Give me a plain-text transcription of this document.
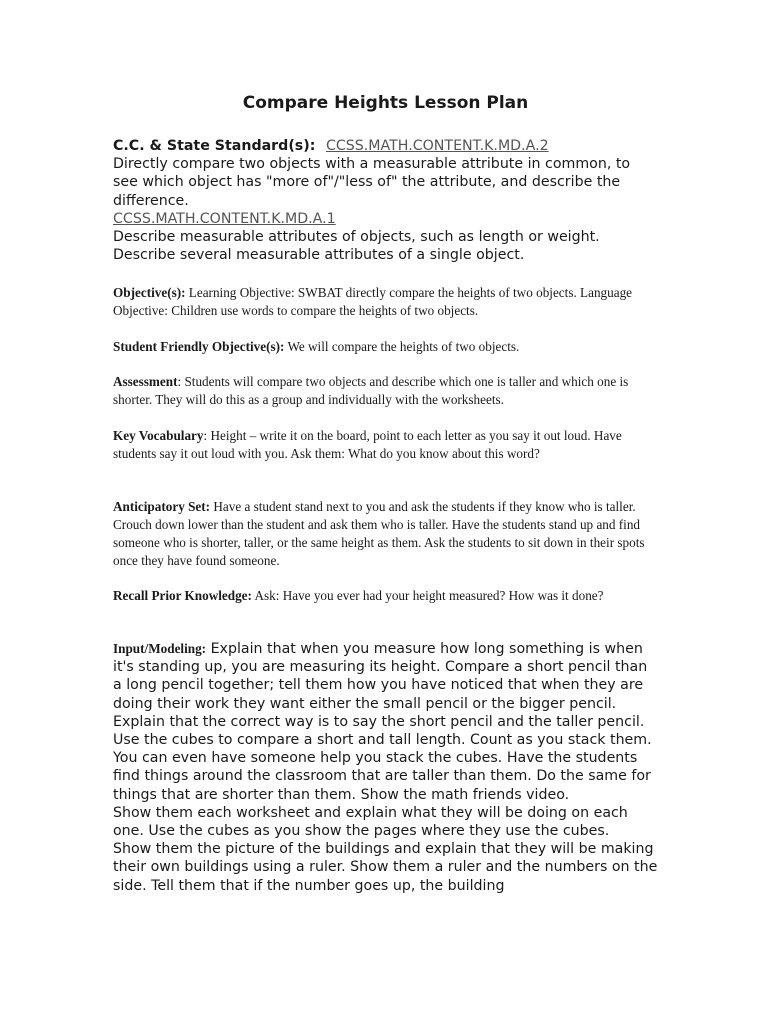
Compare Heights Lesson Plan
C.C. & State Standard(s): CCSS.MATH.CONTENT.K.MD.A.2

Directly compare two objects with a measurable attribute in common, to see which object has "more of"/"less of" the attribute, and describe the difference.

CCSS.MATH.CONTENT.K.MD.A.1

Describe measurable attributes of objects, such as length or weight. Describe several measurable attributes of a single object.

Objective(s): Learning Objective: SWBAT directly compare the heights of two objects. Language Objective: Children use words to compare the heights of two objects.

Student Friendly Objective(s): We will compare the heights of two objects.

Assessment: Students will compare two objects and describe which one is taller and which one is shorter. They will do this as a group and individually with the worksheets.

Key Vocabulary: Height – write it on the board, point to each letter as you say it out loud. Have students say it out loud with you. Ask them: What do you know about this word?

Anticipatory Set: Have a student stand next to you and ask the students if they know who is taller. Crouch down lower than the student and ask them who is taller. Have the students stand up and find someone who is shorter, taller, or the same height as them. Ask the students to sit down in their spots once they have found someone.

Recall Prior Knowledge: Ask: Have you ever had your height measured? How was it done?

Input/Modeling: Explain that when you measure how long something is when it's standing up, you are measuring its height. Compare a short pencil than a long pencil together; tell them how you have noticed that when they are doing their work they want either the small pencil or the bigger pencil. Explain that the correct way is to say the short pencil and the taller pencil. Use the cubes to compare a short and tall length. Count as you stack them. You can even have someone help you stack the cubes. Have the students find things around the classroom that are taller than them. Do the same for things that are shorter than them. Show the math friends video.

Show them each worksheet and explain what they will be doing on each one. Use the cubes as you show the pages where they use the cubes.

Show them the picture of the buildings and explain that they will be making their own buildings using a ruler. Show them a ruler and the numbers on the side. Tell them that if the number goes up, the building
